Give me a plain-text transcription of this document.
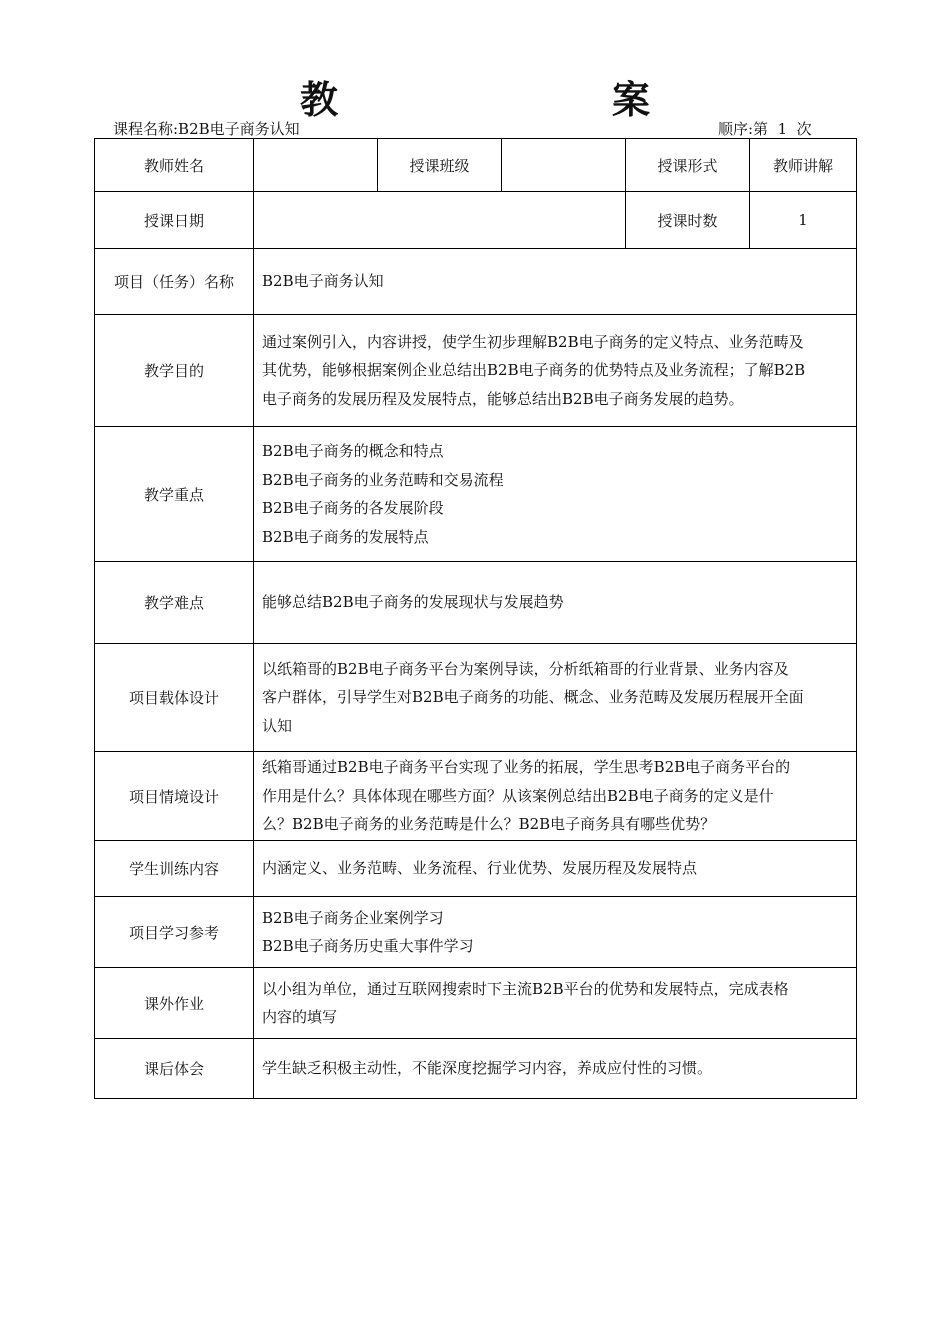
教	案
课程名称:B2B电子商务认知	顺序:第  1  次
教师姓名		授课班级		授课形式	教师讲解
授课日期				授课时数	1
项目（任务）名称	B2B电子商务认知				
教学目的	通过案例引入，内容讲授，使学生初步理解B2B电子商务的定义特点、业务范畴及
其优势，能够根据案例企业总结出B2B电子商务的优势特点及业务流程；了解B2B
电子商务的发展历程及发展特点，能够总结出B2B电子商务发展的趋势。				

教学重点	B2B电子商务的概念和特点
B2B电子商务的业务范畴和交易流程
B2B电子商务的各发展阶段
B2B电子商务的发展特点				

教学难点	能够总结B2B电子商务的发展现状与发展趋势				
项目载体设计	以纸箱哥的B2B电子商务平台为案例导读，分析纸箱哥的行业背景、业务内容及
客户群体，引导学生对B2B电子商务的功能、概念、业务范畴及发展历程展开全面
认知				

项目情境设计	纸箱哥通过B2B电子商务平台实现了业务的拓展，学生思考B2B电子商务平台的
作用是什么？具体体现在哪些方面？从该案例总结出B2B电子商务的定义是什
么？B2B电子商务的业务范畴是什么？B2B电子商务具有哪些优势？				

学生训练内容	内涵定义、业务范畴、业务流程、行业优势、发展历程及发展特点				
项目学习参考	B2B电子商务企业案例学习
B2B电子商务历史重大事件学习				

课外作业	以小组为单位，通过互联网搜索时下主流B2B平台的优势和发展特点，完成表格
内容的填写				

课后体会	学生缺乏积极主动性，不能深度挖掘学习内容，养成应付性的习惯。				
